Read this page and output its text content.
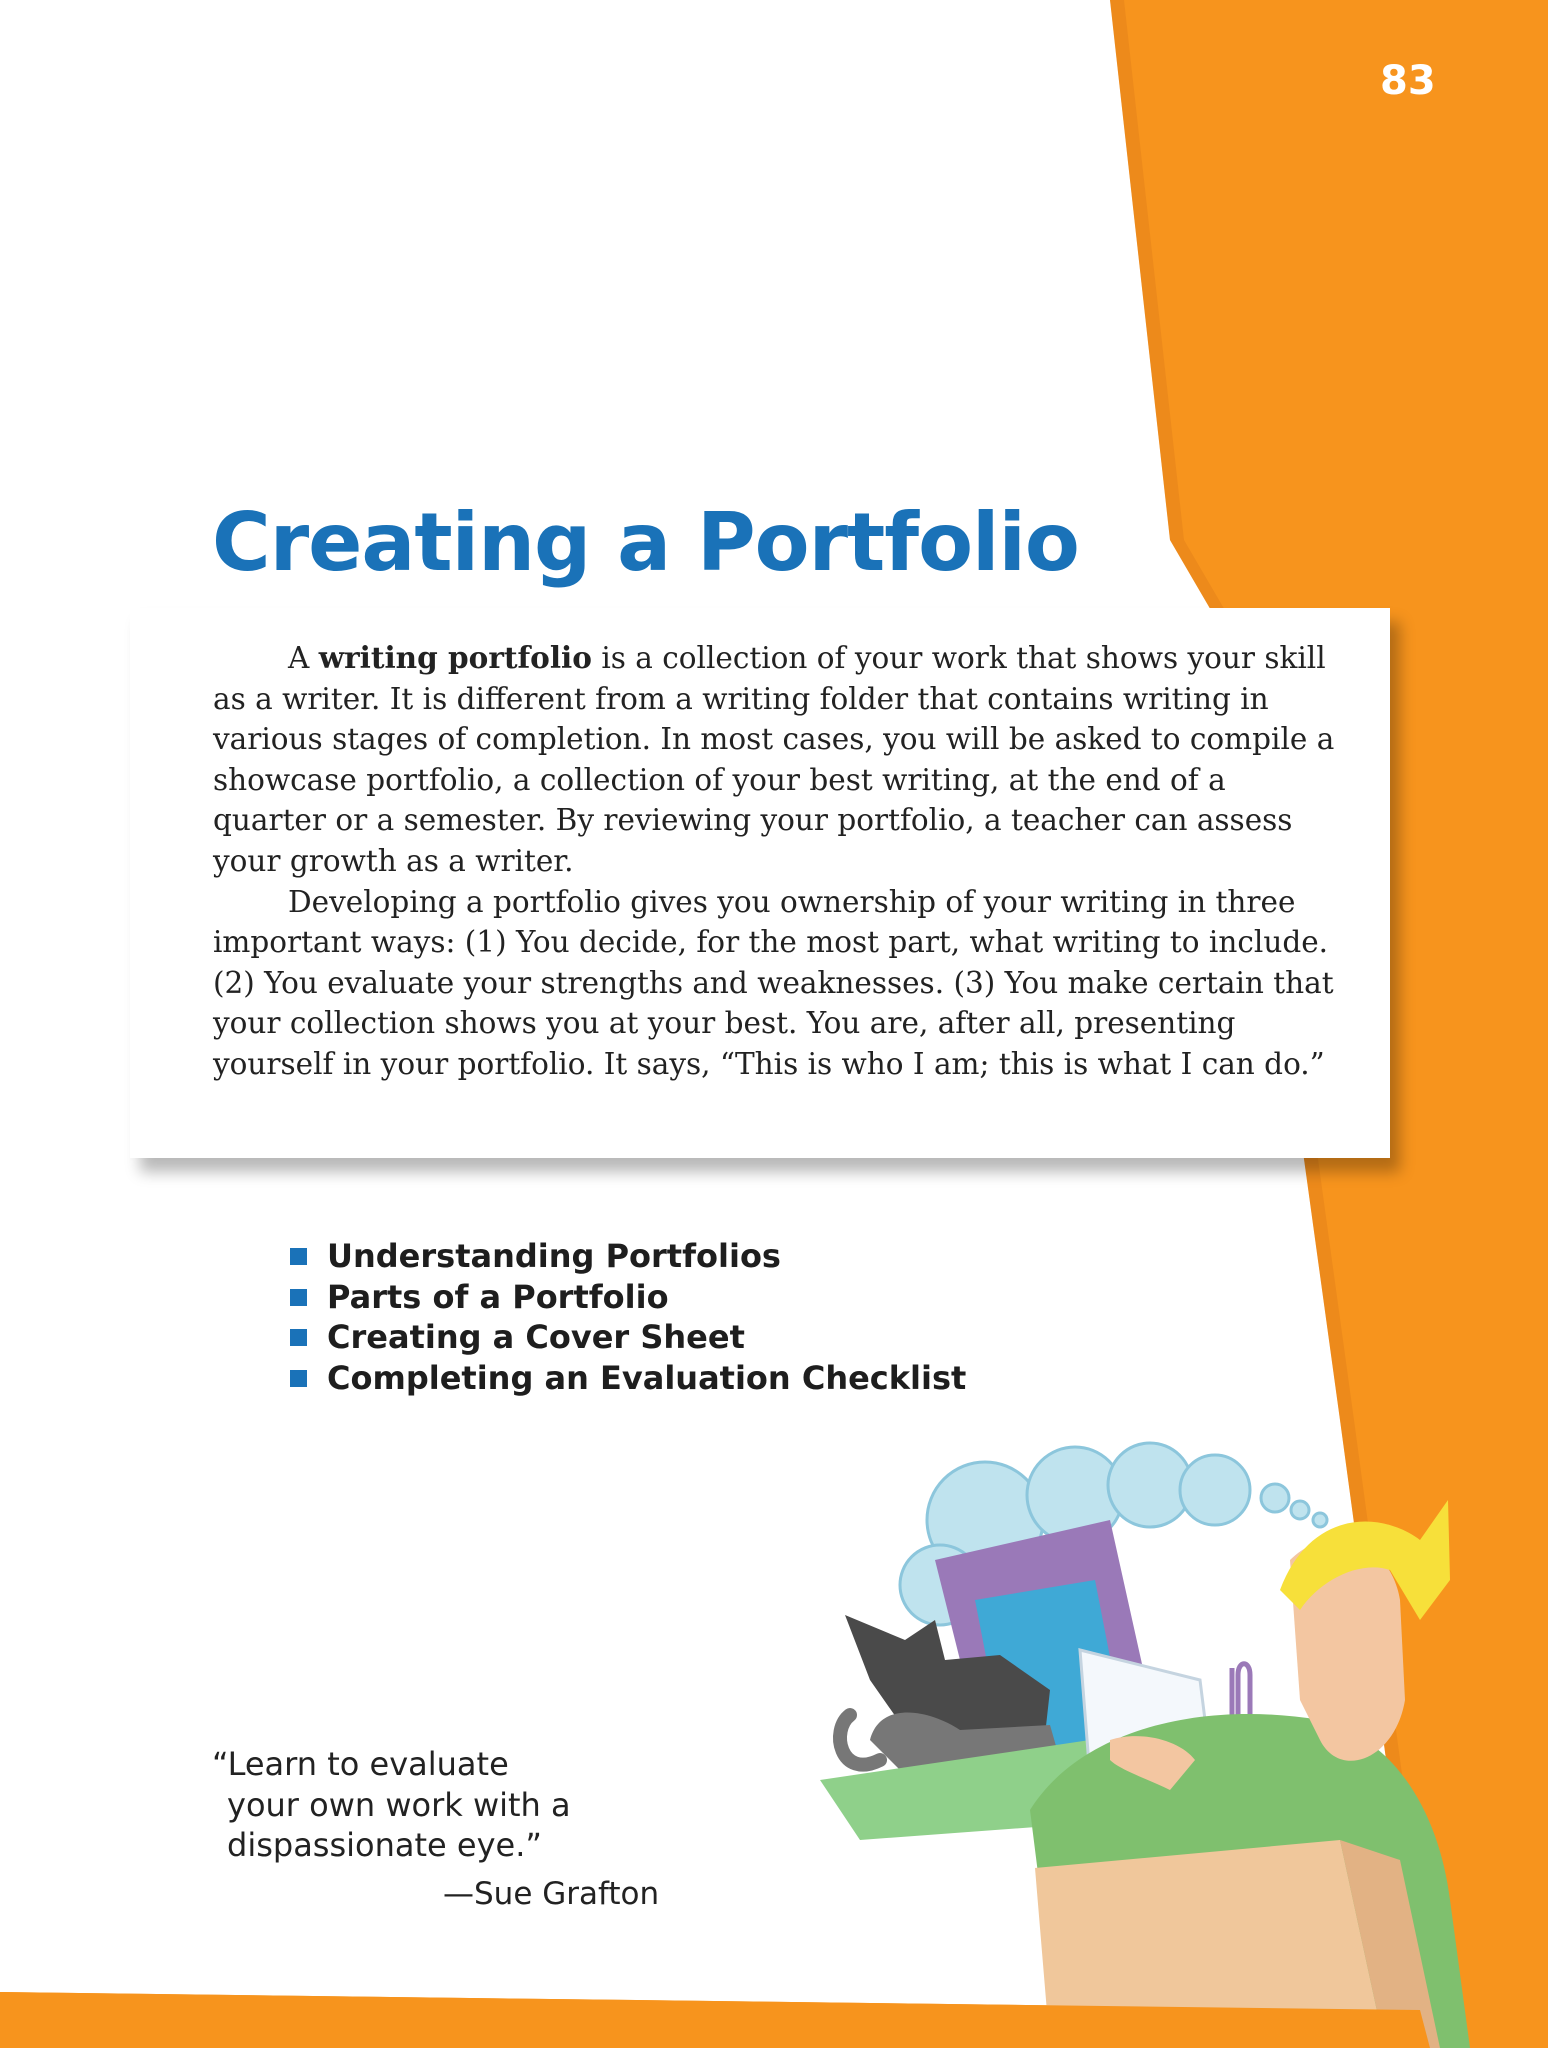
83
Creating a Portfolio

A writing portfolio is a collection of your work that shows your skill as a writer. It is different from a writing folder that contains writing in various stages of completion. In most cases, you will be asked to compile a showcase portfolio, a collection of your best writing, at the end of a quarter or a semester. By reviewing your portfolio, a teacher can assess your growth as a writer.

Developing a portfolio gives you ownership of your writing in three important ways: (1) You decide, for the most part, what writing to include. (2) You evaluate your strengths and weaknesses. (3) You make certain that your collection shows you at your best. You are, after all, presenting yourself in your portfolio. It says, “This is who I am; this is what I can do.”

Understanding Portfolios
Parts of a Portfolio
Creating a Cover Sheet
Completing an Evaluation Checklist
“Learn to evaluate
your own work with a
dispassionate eye.”
—Sue Grafton
